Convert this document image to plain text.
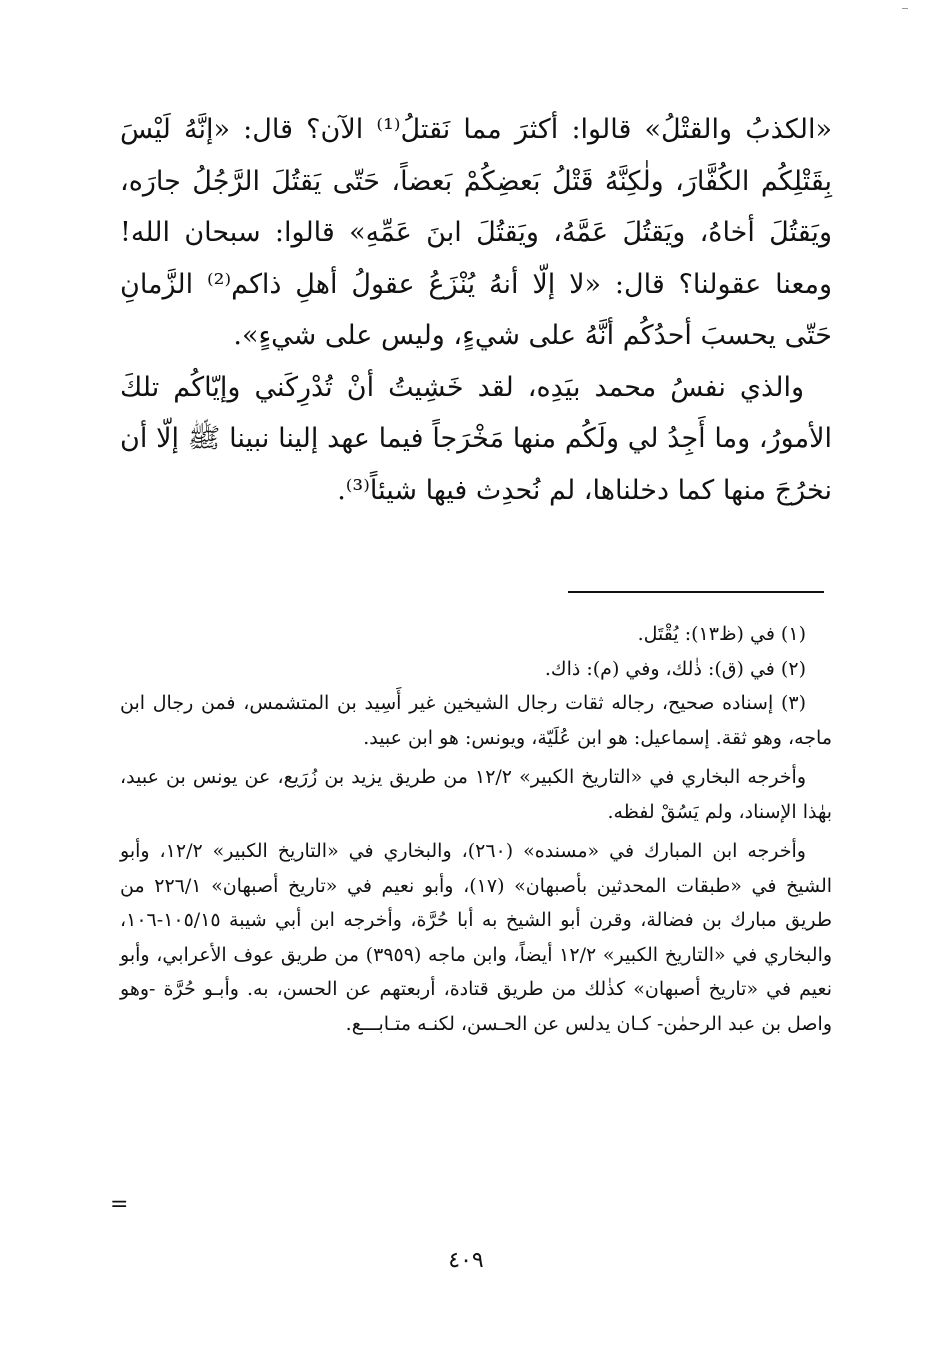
«الكذبُ والقتْلُ» قالوا: أكثرَ مما نَقتلُ⁽¹⁾ الآن؟ قال: «إنَّهُ لَيْسَ بِقَتْلِكُم الكُفَّارَ، ولٰكِنَّهُ قَتْلُ بَعضِكُمْ بَعضاً، حَتّى يَقتُلَ الرَّجُلُ جارَه، ويَقتُلَ أخاهُ، ويَقتُلَ عَمَّهُ، ويَقتُلَ ابنَ عَمِّهِ» قالوا: سبحان الله! ومعنا عقولنا؟ قال: «لا إلّا أنهُ يُنْزَعُ عقولُ أهلِ ذاكم⁽²⁾ الزَّمانِ حَتّى يحسبَ أحدُكُم أنَّهُ على شيءٍ، وليس على شيءٍ».

والذي نفسُ محمد بيَدِه، لقد خَشِيتُ أنْ تُدْرِكَني وإيّاكُم تلكَ الأمورُ، وما أَجِدُ لي ولَكُم منها مَخْرَجاً فيما عهد إلينا نبينا ﷺ إلّا أن نخرُجَ منها كما دخلناها، لم نُحدِث فيها شيئاً⁽³⁾.

(١) في (ظ١٣): يُقْتَل.

(٢) في (ق): ذٰلك، وفي (م): ذاك.

(٣) إسناده صحيح، رجاله ثقات رجال الشيخين غير أَسِيد بن المتشمس، فمن رجال ابن ماجه، وهو ثقة. إسماعيل: هو ابن عُلَيّة، ويونس: هو ابن عبيد.

وأخرجه البخاري في «التاريخ الكبير» ١٢/٢ من طريق يزيد بن زُرَيع، عن يونس بن عبيد، بهٰذا الإسناد، ولم يَسُقْ لفظه.

وأخرجه ابن المبارك في «مسنده» (٢٦٠)، والبخاري في «التاريخ الكبير» ١٢/٢، وأبو الشيخ في «طبقات المحدثين بأصبهان» (١٧)، وأبو نعيم في «تاريخ أصبهان» ٢٢٦/١ من طريق مبارك بن فضالة، وقرن أبو الشيخ به أبا حُرَّة، وأخرجه ابن أبي شيبة ١٠٥/١٥-١٠٦، والبخاري في «التاريخ الكبير» ١٢/٢ أيضاً، وابن ماجه (٣٩٥٩) من طريق عوف الأعرابي، وأبو نعيم في «تاريخ أصبهان» كذٰلك من طريق قتادة، أربعتهم عن الحسن، به. وأبـو حُرَّة -وهو واصل بن عبد الرحمٰن- كـان يدلس عن الحـسن، لكنـه متـابـــع.

=
٤٠٩
